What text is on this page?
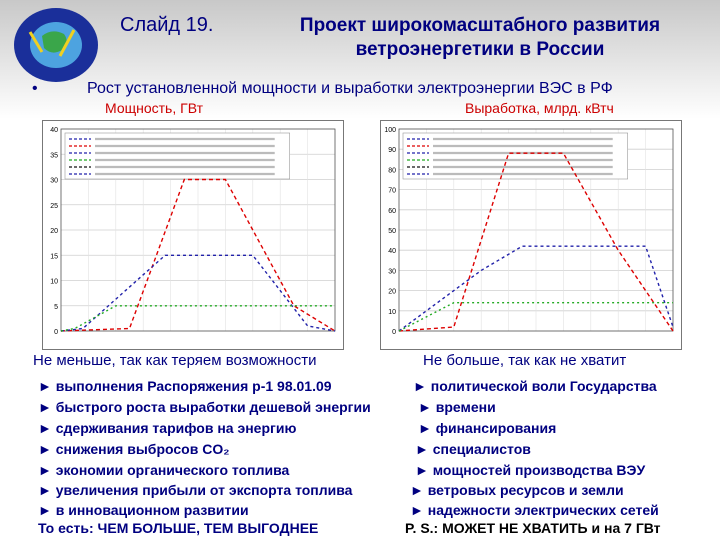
Слайд 19.	Проект широкомасштабного развития ветроэнергетики в России
•	Рост установленной мощности и выработки электроэнергии ВЭС в РФ
Мощность, ГВт	Выработка, млрд. кВтч
0
5
10
15
20
25
30
35
40
0
10
20
30
40
50
60
70
80
90
100
Не меньше, так как теряем возможности	Не больше, так как не хватит
► выполнения Распоряжения р-1 98.01.09
► быстрого роста выработки дешевой энергии
► сдерживания тарифов на энергию
► снижения выбросов CO₂
► экономии органического топлива
► увеличения прибыли от экспорта топлива
► в инновационном развитии
► политической воли Государства
► времени
► финансирования
► специалистов
► мощностей производства ВЭУ
► ветровых ресурсов и земли
► надежности электрических сетей
То есть: ЧЕМ БОЛЬШЕ, ТЕМ ВЫГОДНЕЕ	P. S.: МОЖЕТ НЕ ХВАТИТЬ и на 7 ГВт
